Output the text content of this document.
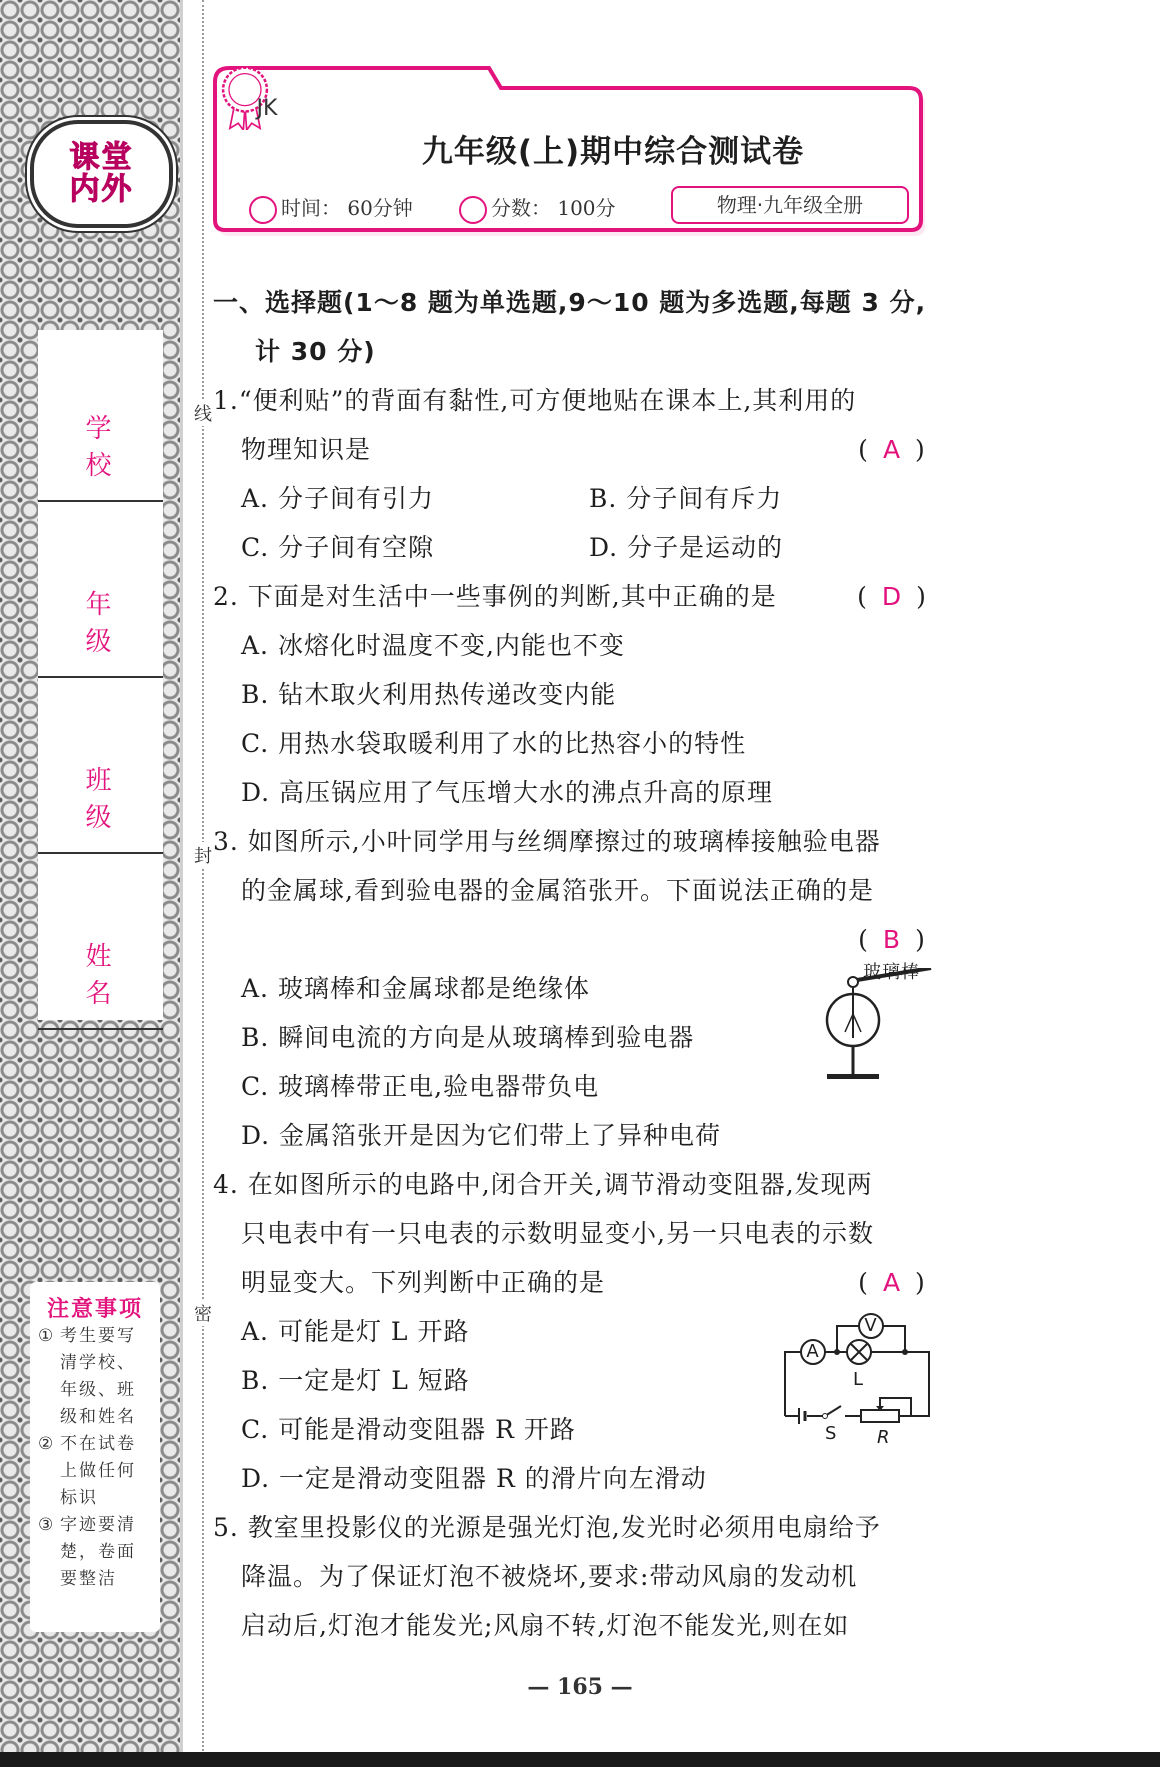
线
封
密
课堂内外
学 校
年 级
班 级
姓 名
注意事项
① 考生要写清学校、年级、班级和姓名
② 不在试卷上做任何标识
③ 字迹要清楚，卷面要整洁
JK
九年级(上)期中综合测试卷
时间： 60分钟	分数： 100分	物理·九年级全册
一、选择题(1～8 题为单选题,9～10 题为多选题,每题 3 分,
计 30 分)
1.“便利贴”的背面有黏性,可方便地贴在课本上,其利用的
物理知识是	( A )
A. 分子间有引力	B. 分子间有斥力
C. 分子间有空隙	D. 分子是运动的
2. 下面是对生活中一些事例的判断,其中正确的是	( D )
A. 冰熔化时温度不变,内能也不变
B. 钻木取火利用热传递改变内能
C. 用热水袋取暖利用了水的比热容小的特性
D. 高压锅应用了气压增大水的沸点升高的原理
3. 如图所示,小叶同学用与丝绸摩擦过的玻璃棒接触验电器
的金属球,看到验电器的金属箔张开。下面说法正确的是
( B )
A. 玻璃棒和金属球都是绝缘体
B. 瞬间电流的方向是从玻璃棒到验电器
C. 玻璃棒带正电,验电器带负电
D. 金属箔张开是因为它们带上了异种电荷
玻璃棒
4. 在如图所示的电路中,闭合开关,调节滑动变阻器,发现两
只电表中有一只电表的示数明显变小,另一只电表的示数
明显变大。下列判断中正确的是	( A )
A. 可能是灯 L 开路
B. 一定是灯 L 短路
C. 可能是滑动变阻器 R 开路
D. 一定是滑动变阻器 R 的滑片向左滑动
A
V
L
S R
5. 教室里投影仪的光源是强光灯泡,发光时必须用电扇给予
降温。为了保证灯泡不被烧坏,要求:带动风扇的发动机
启动后,灯泡才能发光;风扇不转,灯泡不能发光,则在如
— 165 —
